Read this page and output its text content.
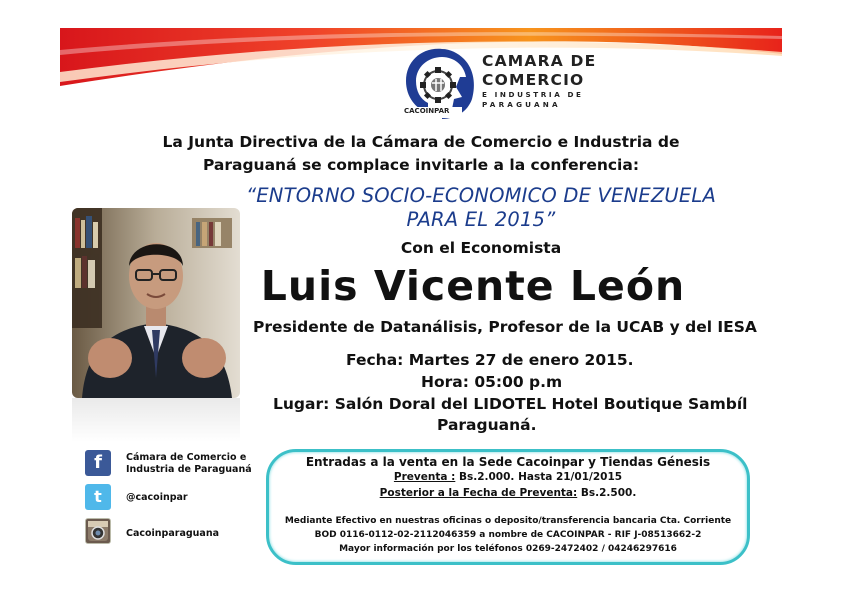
CACOINPAR
CAMARA DE
COMERCIO
E INDUSTRIA DE
PARAGUANA
La Junta Directiva de la Cámara de Comercio e Industria de
Paraguaná se complace invitarle a la conferencia:
“ENTORNO SOCIO-ECONOMICO DE VENEZUELA
PARA EL 2015”
Con el Economista
Luis Vicente León
Presidente de Datanálisis, Profesor de la UCAB y del IESA
Fecha: Martes 27 de enero 2015.
Hora: 05:00 p.m
Lugar: Salón Doral del LIDOTEL Hotel Boutique Sambíl
Paraguaná.
f	Cámara de Comercio e
Industria de Paraguaná
t	@cacoinpar
Cacoinparaguana
Entradas a la venta en la Sede Cacoinpar y Tiendas Génesis
Preventa : Bs.2.000. Hasta 21/01/2015
Posterior a la Fecha de Preventa: Bs.2.500.
Mediante Efectivo en nuestras oficinas o deposito/transferencia bancaria Cta. Corriente
BOD 0116-0112-02-2112046359 a nombre de CACOINPAR - RIF J-08513662-2
Mayor información por los teléfonos 0269-2472402 / 04246297616
